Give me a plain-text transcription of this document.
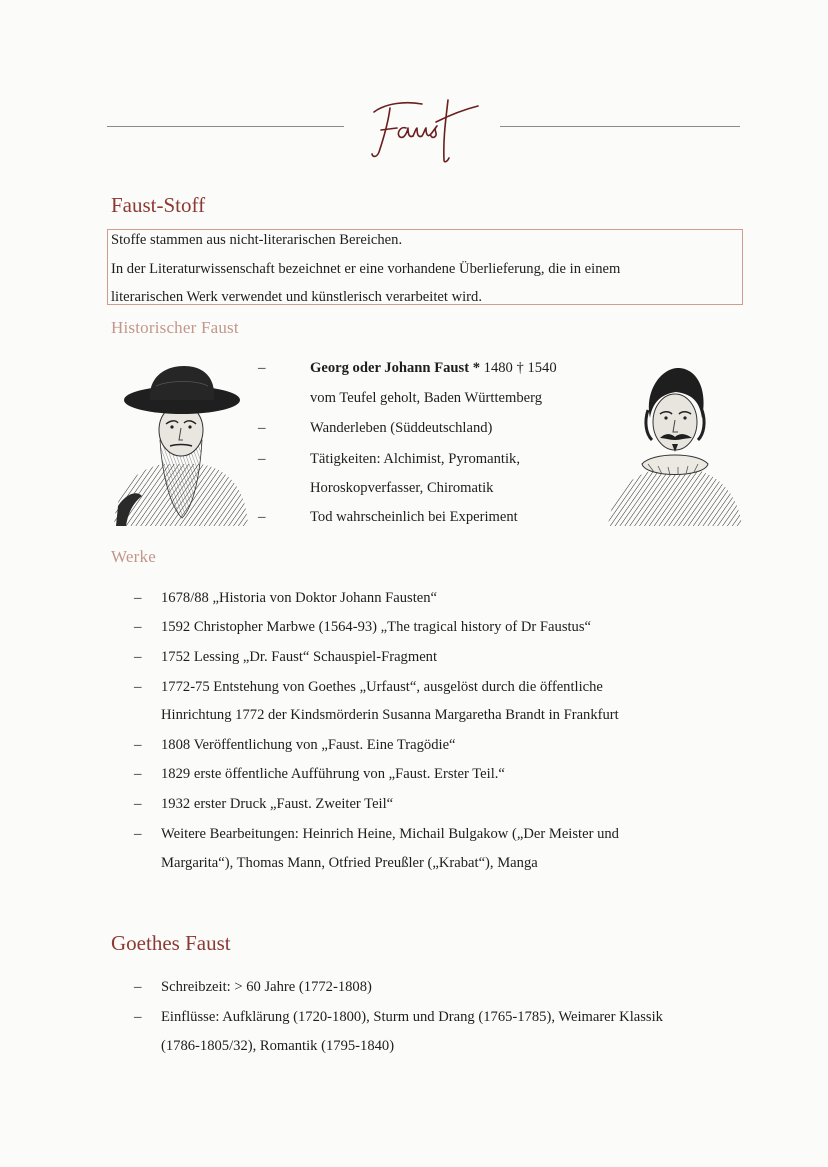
Faust-Stoff
Stoffe stammen aus nicht-literarischen Bereichen.
In der Literaturwissenschaft bezeichnet er eine vorhandene Überlieferung, die in einem
literarischen Werk verwendet und künstlerisch verarbeitet wird.
Historischer Faust
–	Georg oder Johann Faust * 1480 † 1540
vom Teufel geholt, Baden Württemberg
–	Wanderleben (Süddeutschland)
–	Tätigkeiten: Alchimist, Pyromantik,
Horoskopverfasser, Chiromatik
–	Tod wahrscheinlich bei Experiment
Werke
– 1678/88 „Historia von Doktor Johann Fausten“
– 1592 Christopher Marbwe (1564-93) „The tragical history of Dr Faustus“
– 1752 Lessing „Dr. Faust“ Schauspiel-Fragment
– 1772-75 Entstehung von Goethes „Urfaust“, ausgelöst durch die öffentliche
Hinrichtung 1772 der Kindsmörderin Susanna Margaretha Brandt in Frankfurt
– 1808 Veröffentlichung von „Faust. Eine Tragödie“
– 1829 erste öffentliche Aufführung von „Faust. Erster Teil.“
– 1932 erster Druck „Faust. Zweiter Teil“
– Weitere Bearbeitungen: Heinrich Heine, Michail Bulgakow („Der Meister und
Margarita“), Thomas Mann, Otfried Preußler („Krabat“), Manga
Goethes Faust
– Schreibzeit: > 60 Jahre (1772-1808)
– Einflüsse: Aufklärung (1720-1800), Sturm und Drang (1765-1785), Weimarer Klassik
(1786-1805/32), Romantik (1795-1840)
